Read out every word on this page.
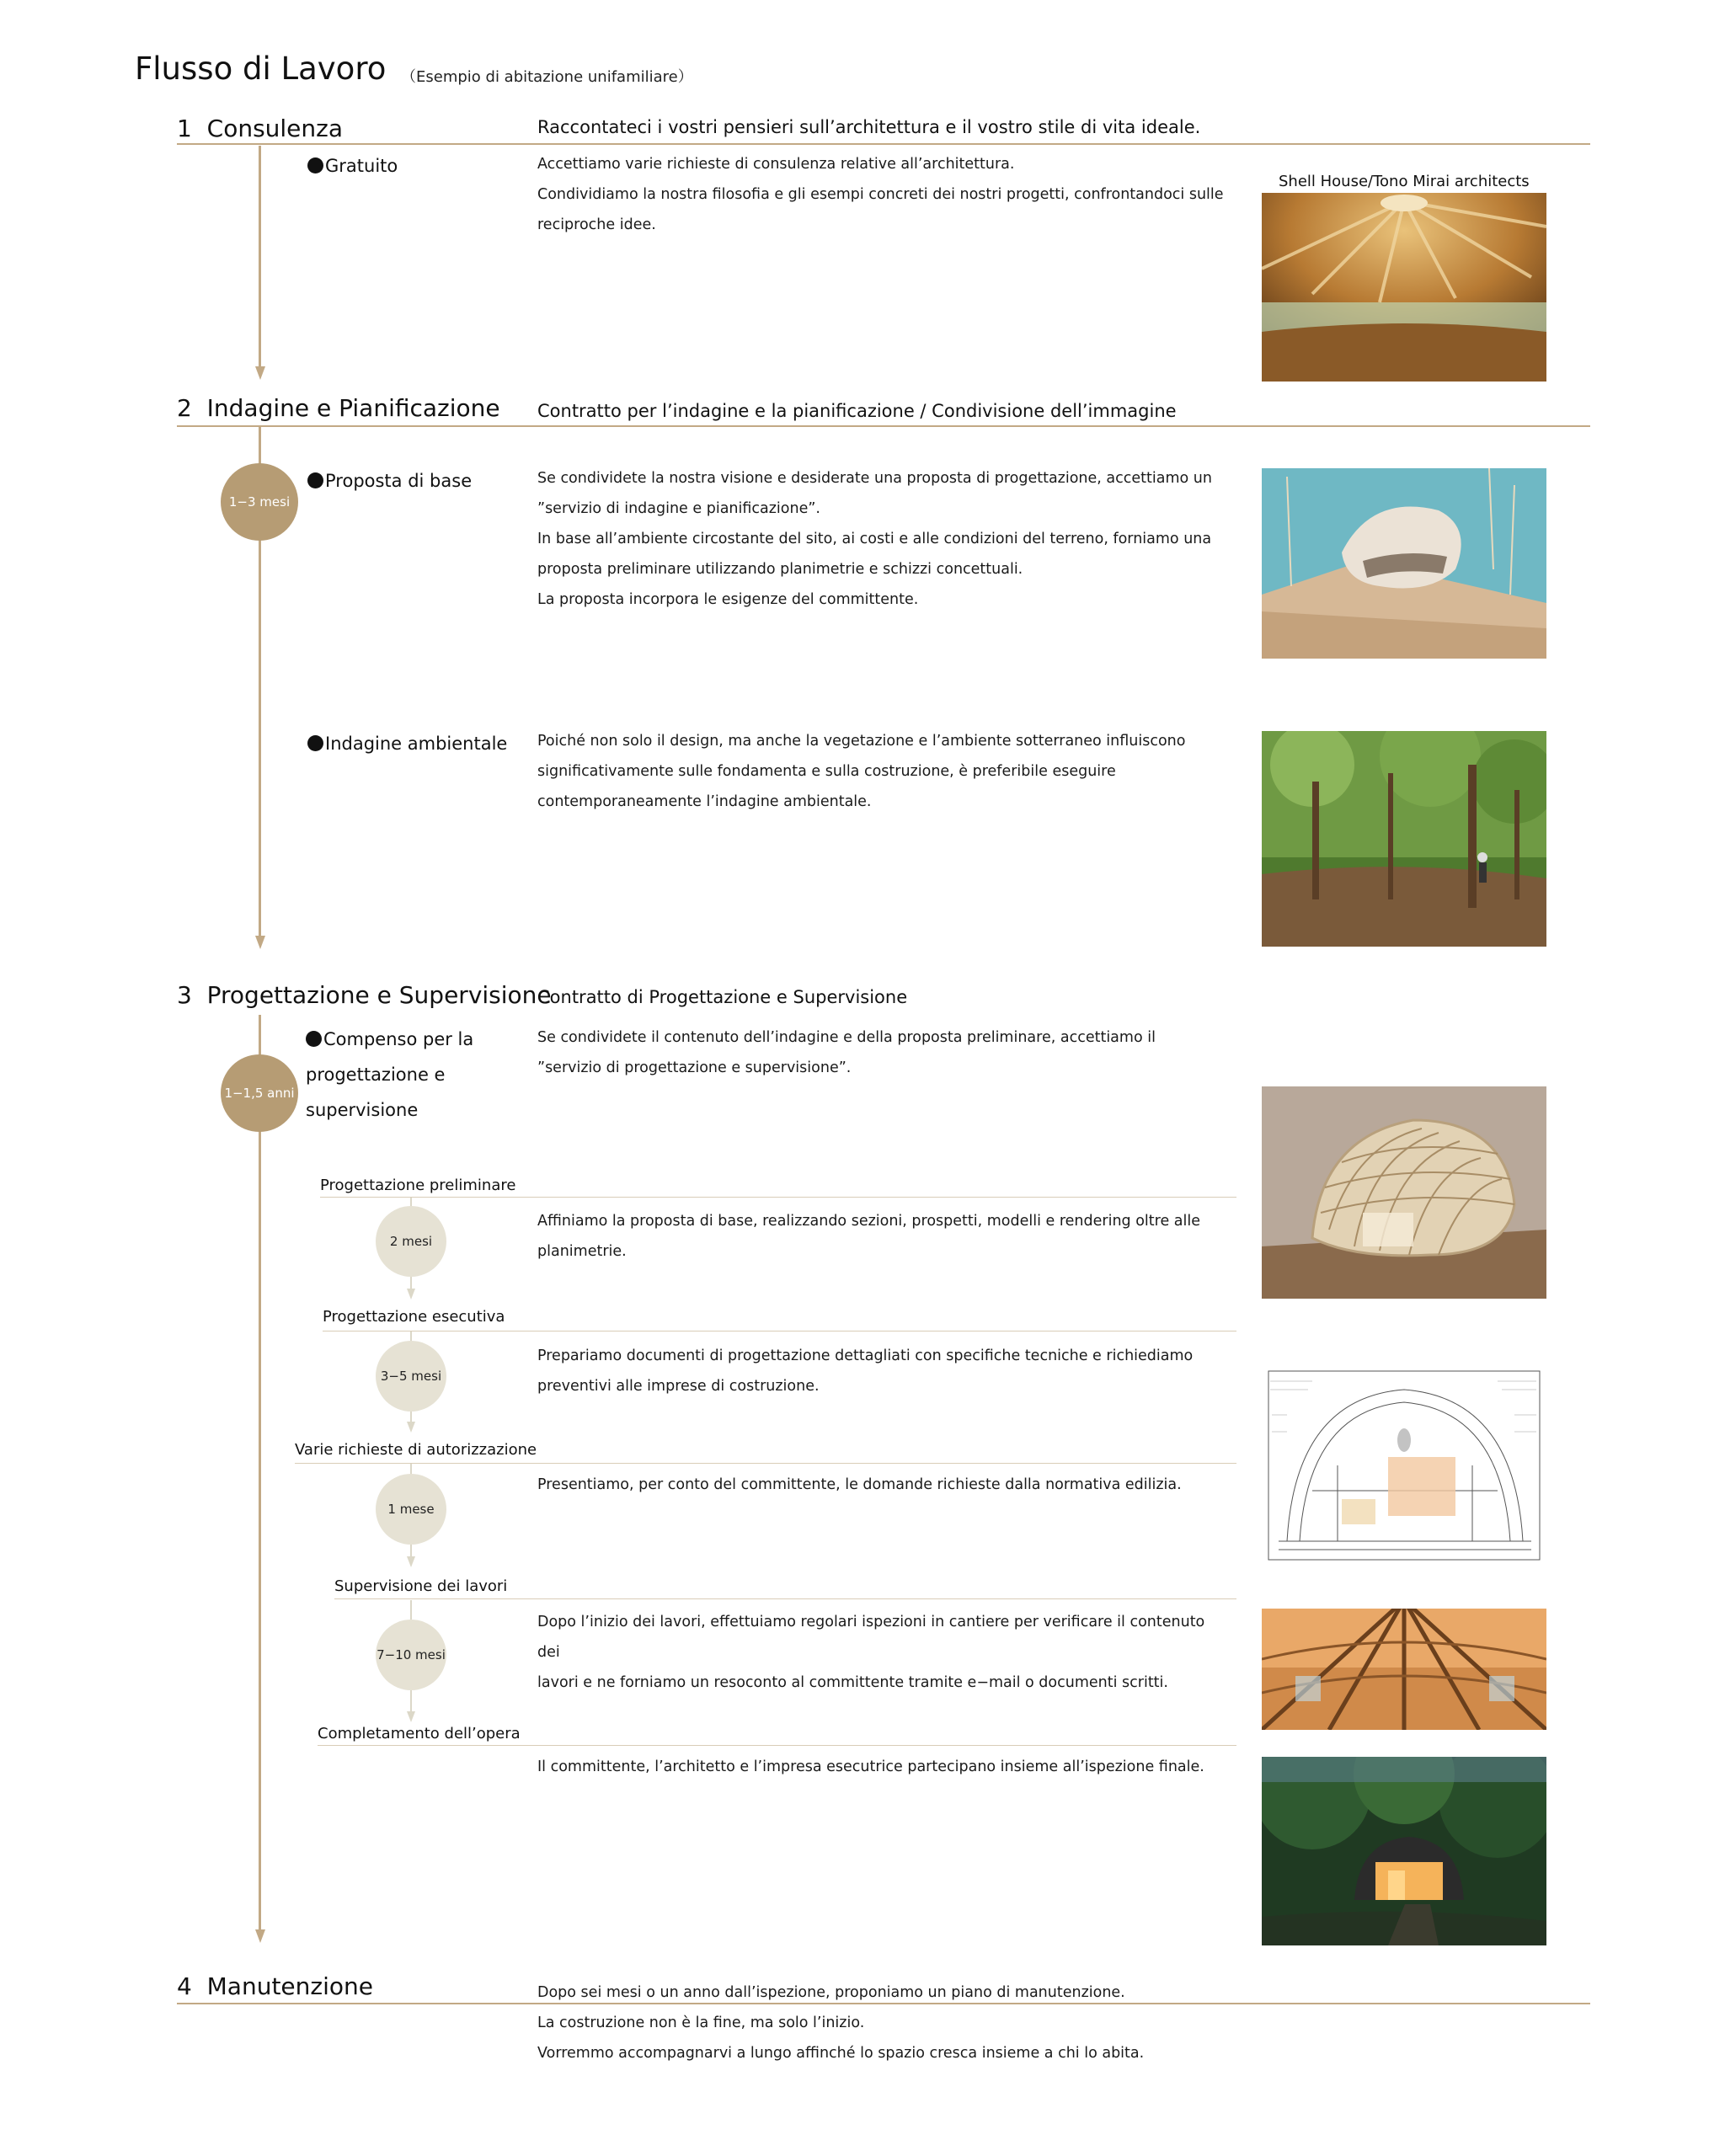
Flusso di Lavoro （Esempio di abitazione unifamiliare）
1 Consulenza	Raccontateci i vostri pensieri sull’architettura e il vostro stile di vita ideale.
Gratuito	Accettiamo varie richieste di consulenza relative all’architettura.
Condividiamo la nostra filosofia e gli esempi concreti dei nostri progetti, confrontandoci sulle
reciproche idee.
Shell House/Tono Mirai architects
2 Indagine e Pianificazione Contratto per l’indagine e la pianificazione / Condivisione dell’immagine
1−3 mesi
Proposta di base	Se condividete la nostra visione e desiderate una proposta di progettazione, accettiamo un
”servizio di indagine e pianificazione”.
In base all’ambiente circostante del sito, ai costi e alle condizioni del terreno, forniamo una
proposta preliminare utilizzando planimetrie e schizzi concettuali.
La proposta incorpora le esigenze del committente.
Indagine ambientale Poiché non solo il design, ma anche la vegetazione e l’ambiente sotterraneo influiscono
significativamente sulle fondamenta e sulla costruzione, è preferibile eseguire
contemporaneamente l’indagine ambientale.
3 Progettazione e Supervisione
Contratto di Progettazione e Supervisione
1−1,5 anni
Compenso per la
progettazione e
supervisione
Se condividete il contenuto dell’indagine e della proposta preliminare, accettiamo il
”servizio di progettazione e supervisione”.
Progettazione preliminare
2 mesi
Affiniamo la proposta di base, realizzando sezioni, prospetti, modelli e rendering oltre alle
planimetrie.
Progettazione esecutiva
3−5 mesi
Prepariamo documenti di progettazione dettagliati con specifiche tecniche e richiediamo
preventivi alle imprese di costruzione.
Varie richieste di autorizzazione
1 mese
Presentiamo, per conto del committente, le domande richieste dalla normativa edilizia.
Supervisione dei lavori
7−10 mesi
Dopo l’inizio dei lavori, effettuiamo regolari ispezioni in cantiere per verificare il contenuto dei
lavori e ne forniamo un resoconto al committente tramite e−mail o documenti scritti.
Completamento dell’opera
Il committente, l’architetto e l’impresa esecutrice partecipano insieme all’ispezione finale.
4 Manutenzione	Dopo sei mesi o un anno dall’ispezione, proponiamo un piano di manutenzione.
La costruzione non è la fine, ma solo l’inizio.
Vorremmo accompagnarvi a lungo affinché lo spazio cresca insieme a chi lo abita.
